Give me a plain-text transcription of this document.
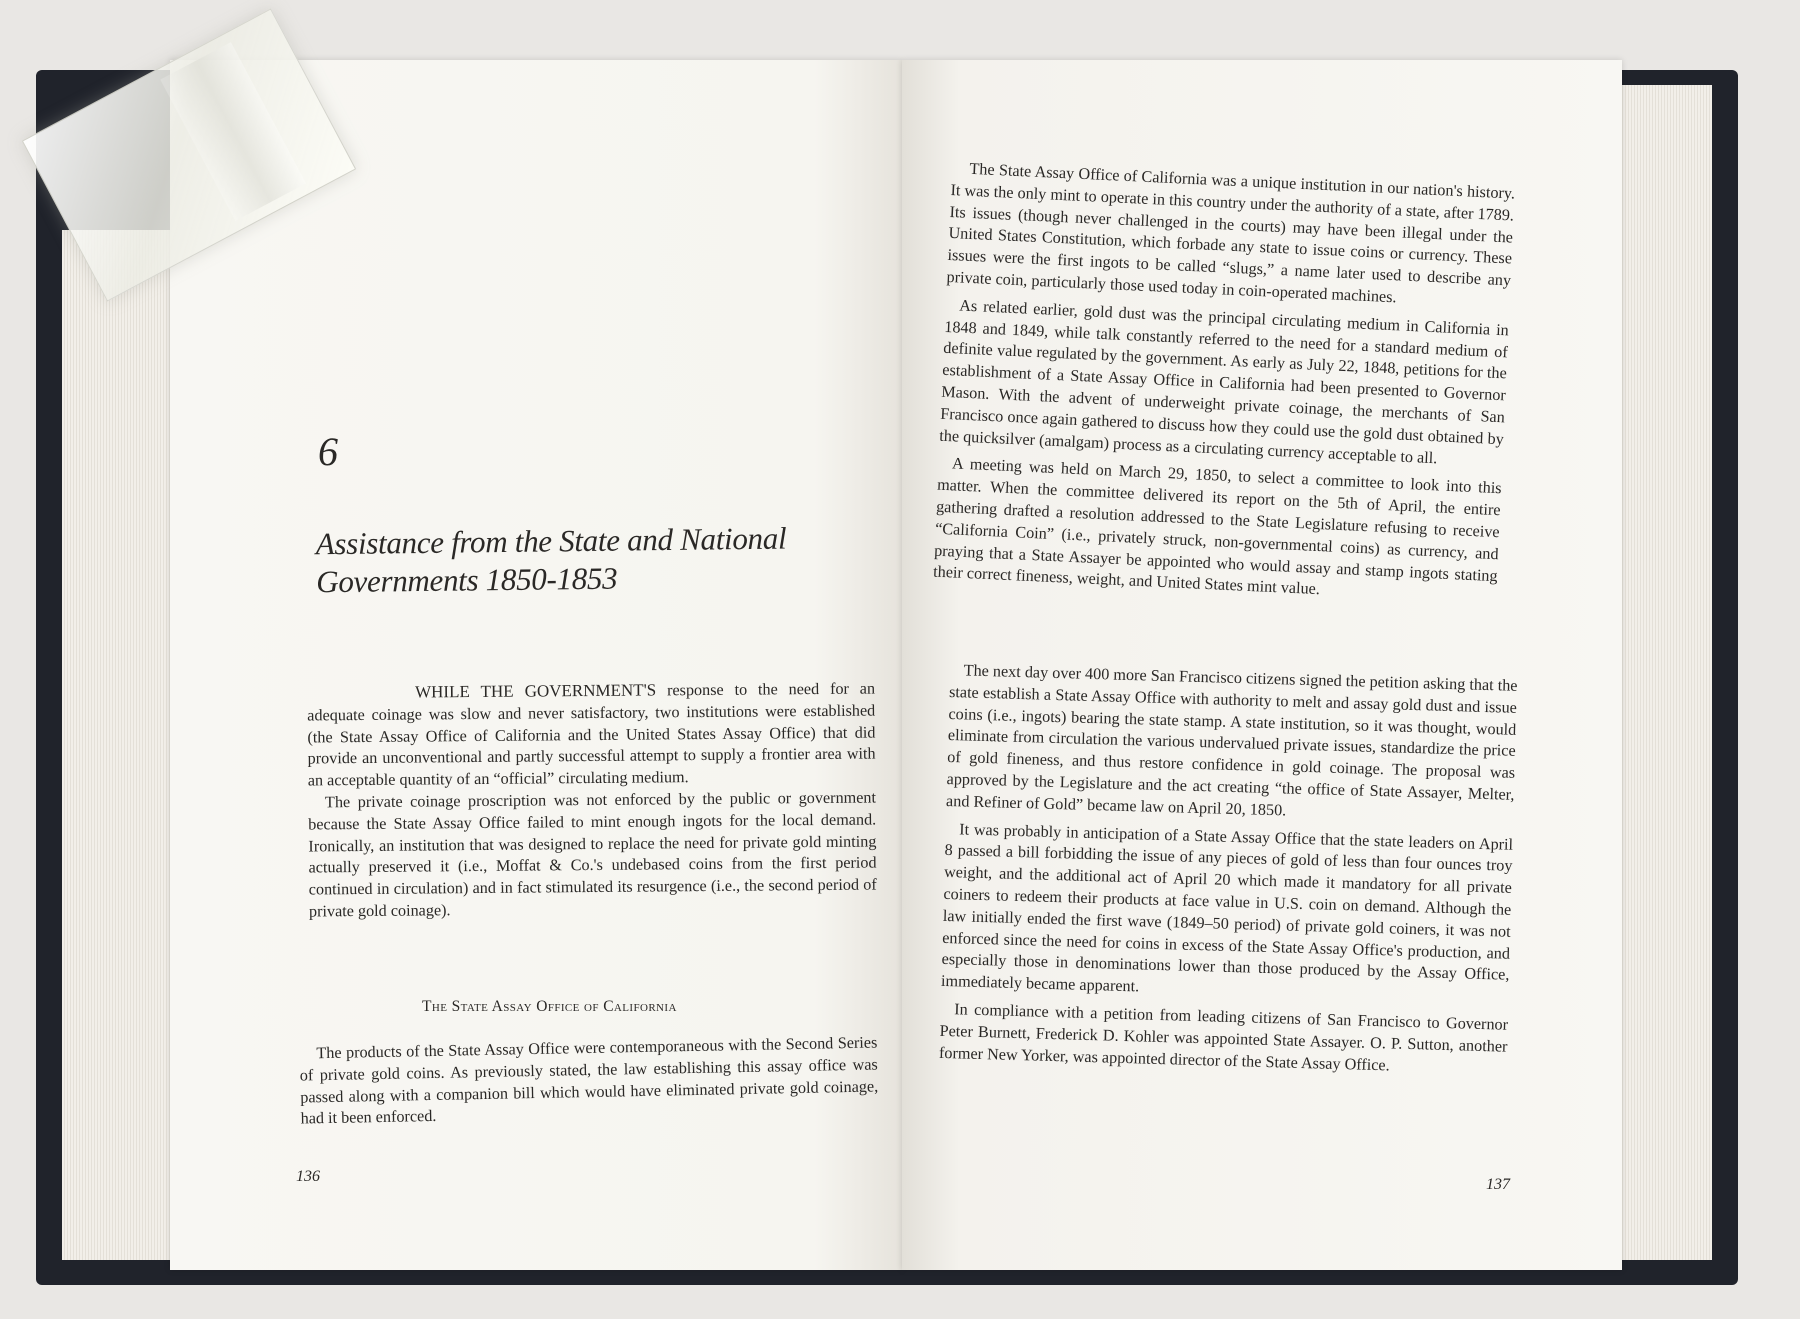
6
Assistance from the State and National
Governments 1850-1853

WHILE THE GOVERNMENT'S response to the need for an adequate coinage was slow and never satisfactory, two institutions were established (the State Assay Office of California and the United States Assay Office) that did provide an unconventional and partly successful attempt to supply a frontier area with an acceptable quantity of an “official” circulating medium.

The private coinage proscription was not enforced by the public or government because the State Assay Office failed to mint enough ingots for the local demand. Ironically, an institution that was designed to replace the need for private gold minting actually preserved it (i.e., Moffat & Co.'s undebased coins from the first period continued in circulation) and in fact stimulated its resurgence (i.e., the second period of private gold coinage).

The State Assay Office of California

The products of the State Assay Office were contemporaneous with the Second Series of private gold coins. As previously stated, the law establishing this assay office was passed along with a companion bill which would have eliminated private gold coinage, had it been enforced.

136

The State Assay Office of California was a unique institution in our nation's history. It was the only mint to operate in this country under the authority of a state, after 1789. Its issues (though never challenged in the courts) may have been illegal under the United States Constitution, which forbade any state to issue coins or currency. These issues were the first ingots to be called “slugs,” a name later used to describe any private coin, particularly those used today in coin-operated machines.

As related earlier, gold dust was the principal circulating medium in California in 1848 and 1849, while talk constantly referred to the need for a standard medium of definite value regulated by the government. As early as July 22, 1848, petitions for the establishment of a State Assay Office in California had been presented to Governor Mason. With the advent of underweight private coinage, the merchants of San Francisco once again gathered to discuss how they could use the gold dust obtained by the quicksilver (amalgam) process as a circulating currency acceptable to all.

A meeting was held on March 29, 1850, to select a committee to look into this matter. When the committee delivered its report on the 5th of April, the entire gathering drafted a resolution addressed to the State Legislature refusing to receive “California Coin” (i.e., privately struck, non-governmental coins) as currency, and praying that a State Assayer be appointed who would assay and stamp ingots stating their correct fineness, weight, and United States mint value.

The next day over 400 more San Francisco citizens signed the petition asking that the state establish a State Assay Office with authority to melt and assay gold dust and issue coins (i.e., ingots) bearing the state stamp. A state institution, so it was thought, would eliminate from circulation the various undervalued private issues, standardize the price of gold fineness, and thus restore confidence in gold coinage. The proposal was approved by the Legislature and the act creating “the office of State Assayer, Melter, and Refiner of Gold” became law on April 20, 1850.

It was probably in anticipation of a State Assay Office that the state leaders on April 8 passed a bill forbidding the issue of any pieces of gold of less than four ounces troy weight, and the additional act of April 20 which made it mandatory for all private coiners to redeem their products at face value in U.S. coin on demand. Although the law initially ended the first wave (1849–50 period) of private gold coiners, it was not enforced since the need for coins in excess of the State Assay Office's production, and especially those in denominations lower than those produced by the Assay Office, immediately became apparent.

In compliance with a petition from leading citizens of San Francisco to Governor Peter Burnett, Frederick D. Kohler was appointed State Assayer. O. P. Sutton, another former New Yorker, was appointed director of the State Assay Office.

137
